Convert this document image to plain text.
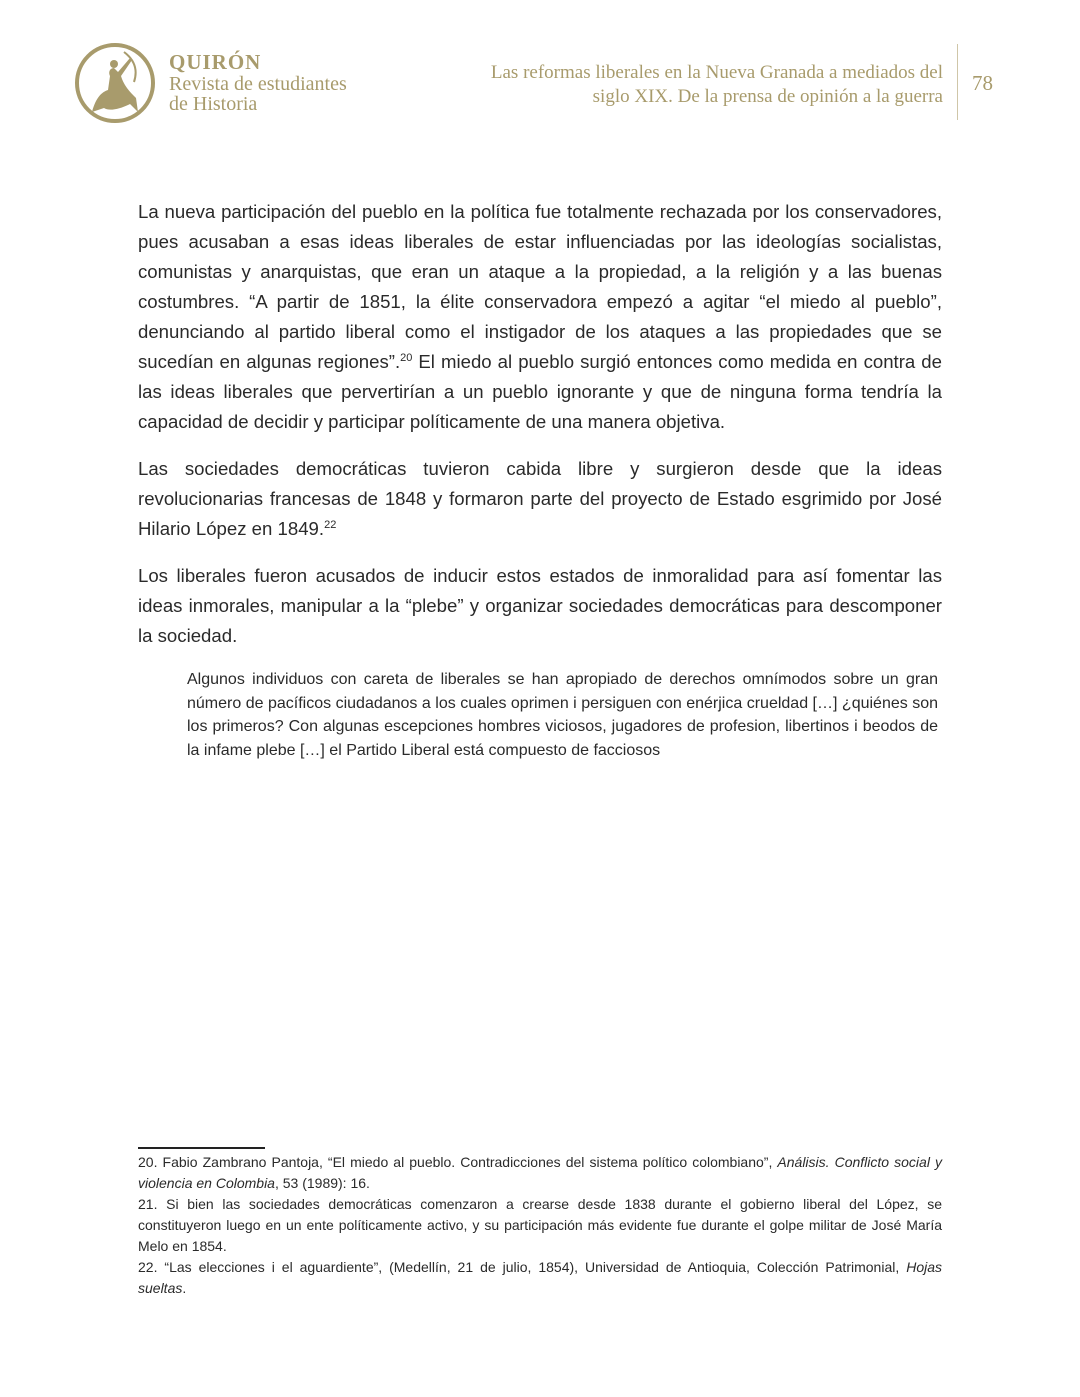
QUIRÓN
Revista de estudiantes
de Historia
Las reformas liberales en la Nueva Granada a mediados del
siglo XIX. De la prensa de opinión a la guerra
78

La nueva participación del pueblo en la política fue totalmente rechazada por los conservadores, pues acusaban a esas ideas liberales de estar influenciadas por las ideologías socialistas, comunistas y anarquistas, que eran un ataque a la propiedad, a la religión y a las buenas costumbres. “A partir de 1851, la élite conservadora empezó a agitar “el miedo al pueblo”, denunciando al partido liberal como el instigador de los ataques a las propiedades que se sucedían en algunas regiones”.$^{20}$ El miedo al pueblo surgió entonces como medida en contra de las ideas liberales que pervertirían a un pueblo ignorante y que de ninguna forma tendría la capacidad de decidir y participar políticamente de una manera objetiva.

Las sociedades democráticas tuvieron cabida libre y surgieron desde que la ideas revolucionarias francesas de 1848 y formaron parte del proyecto de Estado esgrimido por José Hilario López en 1849.22

Los liberales fueron acusados de inducir estos estados de inmoralidad para así fomentar las ideas inmorales, manipular a la “plebe” y organizar sociedades democráticas para descomponer la sociedad.

Algunos individuos con careta de liberales se han apropiado de derechos omnímodos sobre un gran número de pacíficos ciudadanos a los cuales oprimen i persiguen con enérjica crueldad […] ¿quiénes son los primeros? Con algunas escepciones hombres viciosos, jugadores de profesion, libertinos i beodos de la infame plebe […] el Partido Liberal está compuesto de facciosos

20. Fabio Zambrano Pantoja, “El miedo al pueblo. Contradicciones del sistema político colombiano”, Análisis. Conflicto social y violencia en Colombia, 53 (1989): 16.

21. Si bien las sociedades democráticas comenzaron a crearse desde 1838 durante el gobierno liberal del López, se constituyeron luego en un ente políticamente activo, y su participación más evidente fue durante el golpe militar de José María Melo en 1854.

22. “Las elecciones i el aguardiente”, (Medellín, 21 de julio, 1854), Universidad de Antioquia, Colección Patrimonial, Hojas sueltas.
